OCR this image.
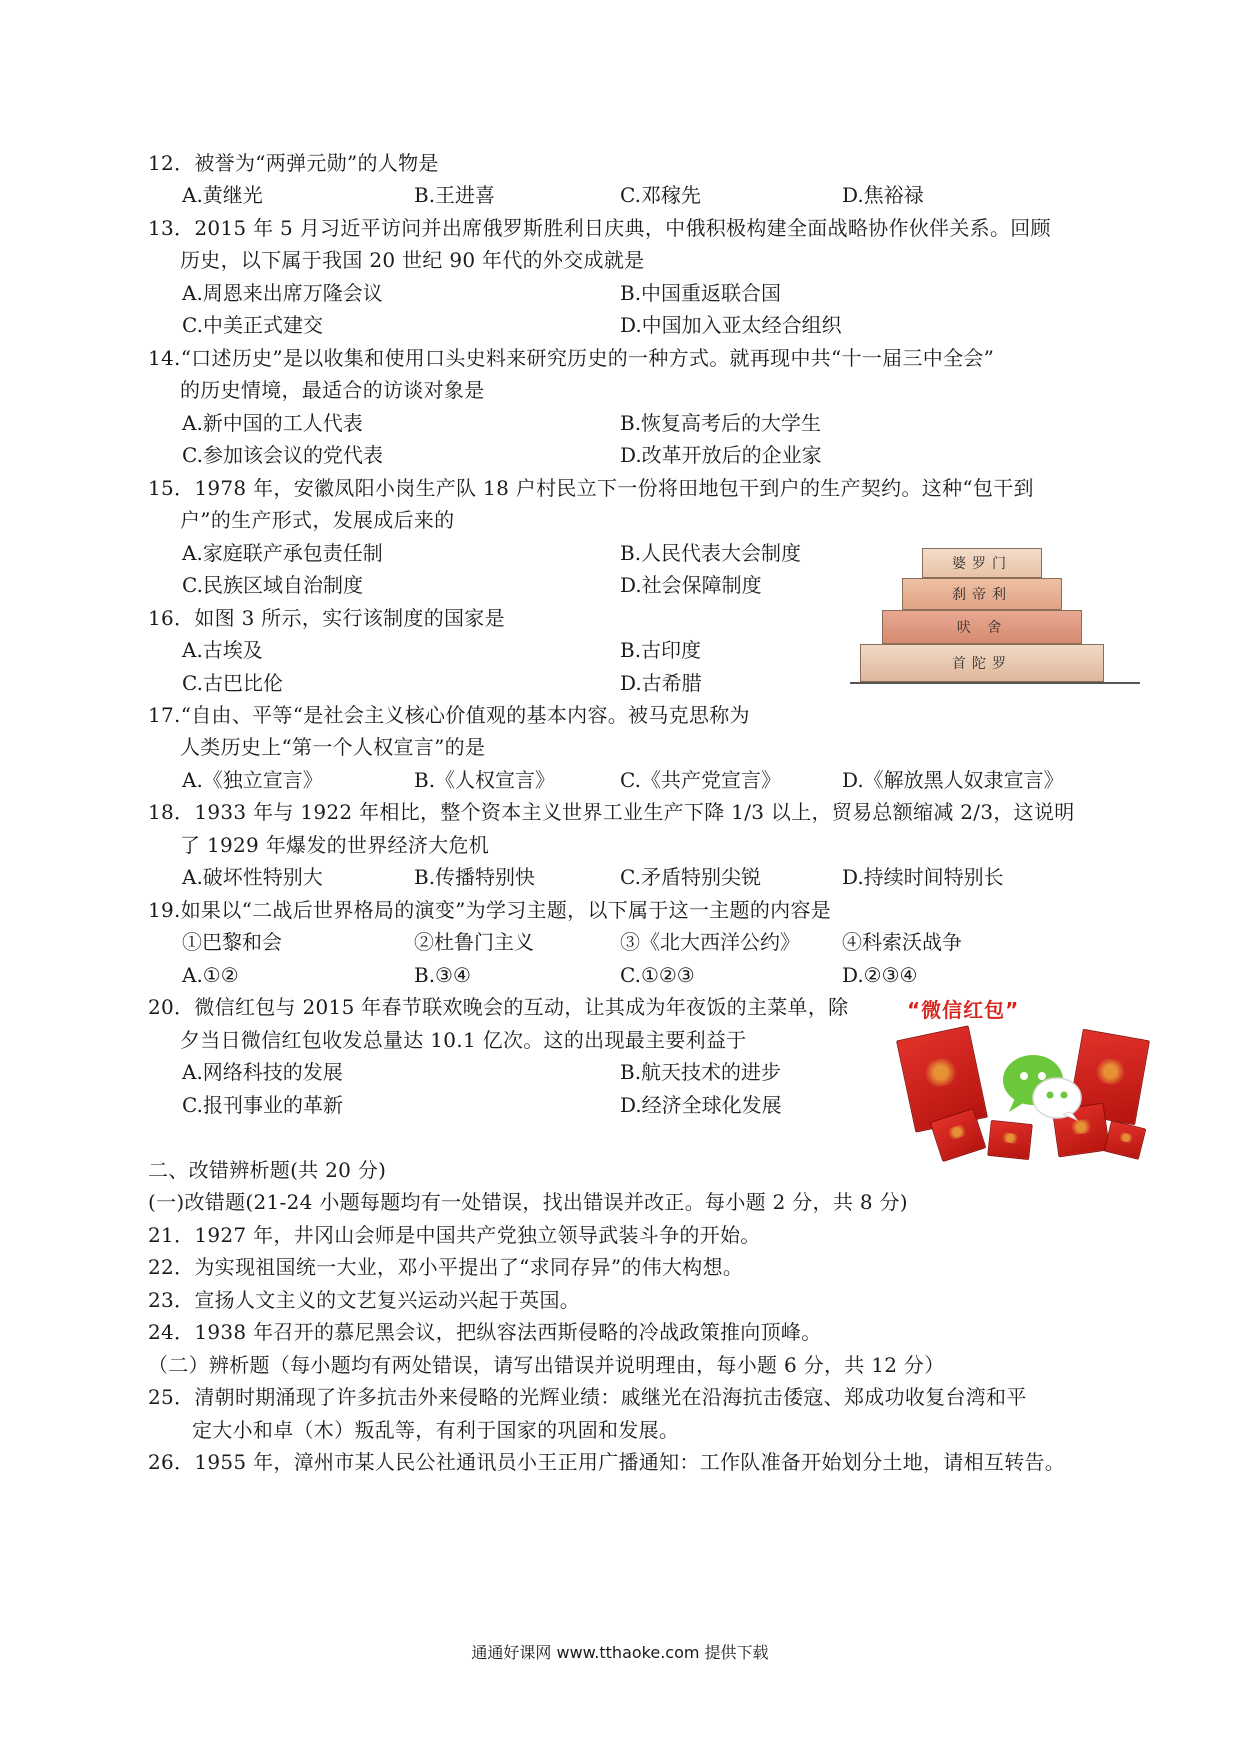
12．被誉为“两弹元勋”的人物是
A.黄继光	B.王进喜	C.邓稼先	D.焦裕禄
13．2015 年 5 月习近平访问并出席俄罗斯胜利日庆典，中俄积极构建全面战略协作伙伴关系。回顾
历史，以下属于我国 20 世纪 90 年代的外交成就是
A.周恩来出席万隆会议	B.中国重返联合国
C.中美正式建交	D.中国加入亚太经合组织
14.“口述历史”是以收集和使用口头史料来研究历史的一种方式。就再现中共“十一届三中全会”
的历史情境，最适合的访谈对象是
A.新中国的工人代表	B.恢复高考后的大学生
C.参加该会议的党代表	D.改革开放后的企业家
15．1978 年，安徽凤阳小岗生产队 18 户村民立下一份将田地包干到户的生产契约。这种“包干到
户”的生产形式，发展成后来的
A.家庭联产承包责任制	B.人民代表大会制度
C.民族区域自治制度	D.社会保障制度
16．如图 3 所示，实行该制度的国家是
A.古埃及	B.古印度
C.古巴比伦	D.古希腊
婆罗门
刹帝利
吠 舍
首陀罗
17.“自由、平等“是社会主义核心价值观的基本内容。被马克思称为
人类历史上“第一个人权宣言”的是
A.《独立宣言》	B.《人权宣言》	C.《共产党宣言》	D.《解放黑人奴隶宣言》
18．1933 年与 1922 年相比，整个资本主义世界工业生产下降 1/3 以上，贸易总额缩减 2/3，这说明
了 1929 年爆发的世界经济大危机
A.破坏性特别大	B.传播特别快	C.矛盾特别尖锐	D.持续时间特别长
19.如果以“二战后世界格局的演变”为学习主题，以下属于这一主题的内容是
①巴黎和会	②杜鲁门主义	③《北大西洋公约》 ④科索沃战争
A.①②	B.③④	C.①②③	D.②③④
20．微信红包与 2015 年春节联欢晚会的互动，让其成为年夜饭的主菜单，除
夕当日微信红包收发总量达 10.1 亿次。这的出现最主要利益于
A.网络科技的发展	B.航天技术的进步
C.报刊事业的革新	D.经济全球化发展
“微信红包”
二、改错辨析题(共 20 分)
(一)改错题(21-24 小题每题均有一处错误，找出错误并改正。每小题 2 分，共 8 分)
21．1927 年，井冈山会师是中国共产党独立领导武装斗争的开始。
22．为实现祖国统一大业，邓小平提出了“求同存异”的伟大构想。
23．宣扬人文主义的文艺复兴运动兴起于英国。
24．1938 年召开的慕尼黑会议，把纵容法西斯侵略的冷战政策推向顶峰。
（二）辨析题（每小题均有两处错误，请写出错误并说明理由，每小题 6 分，共 12 分）
25．清朝时期涌现了许多抗击外来侵略的光辉业绩：戚继光在沿海抗击倭寇、郑成功收复台湾和平
定大小和卓（木）叛乱等，有利于国家的巩固和发展。
26．1955 年，漳州市某人民公社通讯员小王正用广播通知：工作队准备开始划分土地，请相互转告。
通通好课网 www.tthaoke.com 提供下载
